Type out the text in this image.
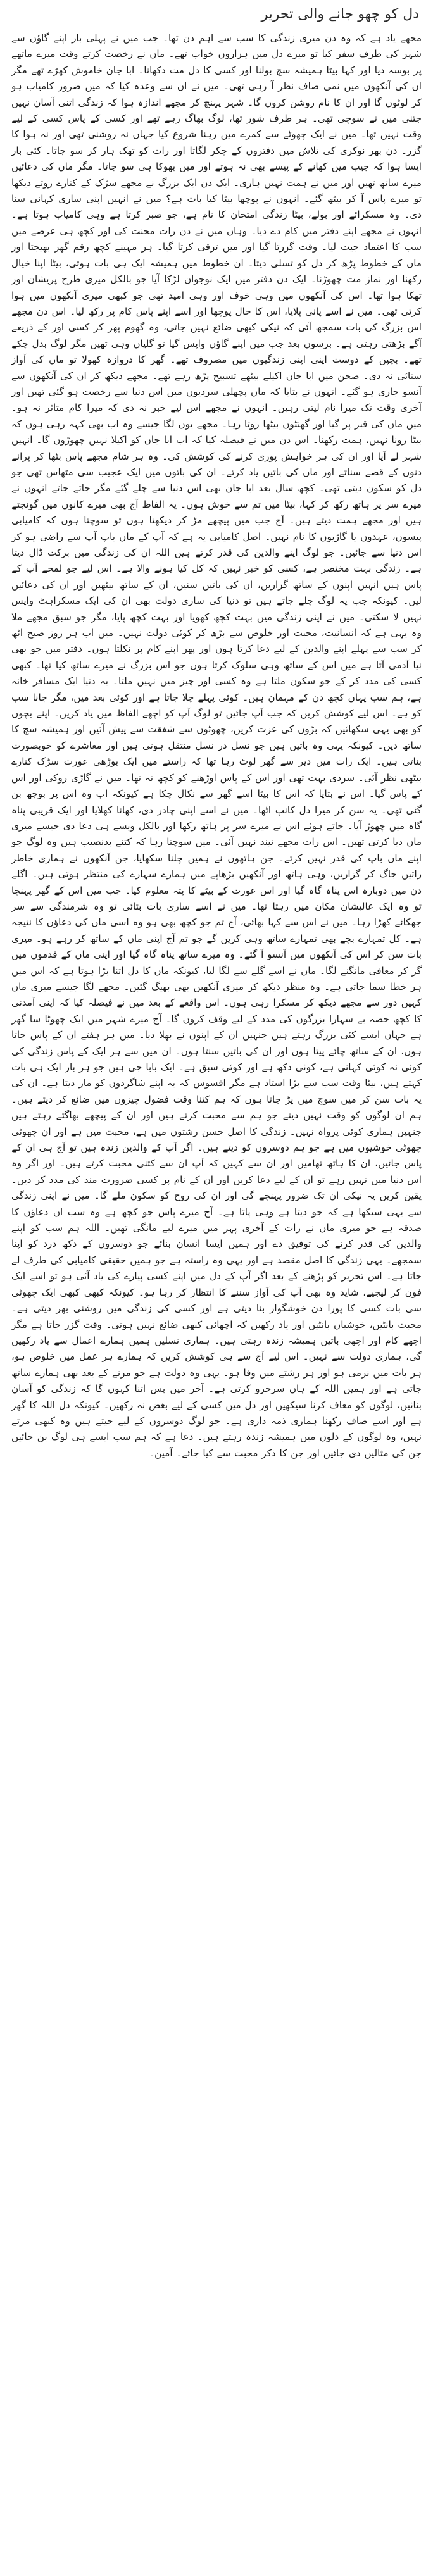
دل کو چھو جانے والی تحریر

مجھے یاد ہے کہ وہ دن میری زندگی کا سب سے اہم دن تھا۔ جب میں نے پہلی بار اپنے گاؤں سے شہر کی طرف سفر کیا تو میرے دل میں ہزاروں خواب تھے۔ ماں نے رخصت کرتے وقت میرے ماتھے پر بوسہ دیا اور کہا بیٹا ہمیشہ سچ بولنا اور کسی کا دل مت دکھانا۔ ابا جان خاموش کھڑے تھے مگر ان کی آنکھوں میں نمی صاف نظر آ رہی تھی۔ میں نے ان سے وعدہ کیا کہ میں ضرور کامیاب ہو کر لوٹوں گا اور ان کا نام روشن کروں گا۔ شہر پہنچ کر مجھے اندازہ ہوا کہ زندگی اتنی آسان نہیں جتنی میں نے سوچی تھی۔ ہر طرف شور تھا، لوگ بھاگ رہے تھے اور کسی کے پاس کسی کے لیے وقت نہیں تھا۔ میں نے ایک چھوٹے سے کمرے میں رہنا شروع کیا جہاں نہ روشنی تھی اور نہ ہوا کا گزر۔ دن بھر نوکری کی تلاش میں دفتروں کے چکر لگاتا اور رات کو تھک ہار کر سو جاتا۔ کئی بار ایسا ہوا کہ جیب میں کھانے کے پیسے بھی نہ ہوتے اور میں بھوکا ہی سو جاتا۔ مگر ماں کی دعائیں میرے ساتھ تھیں اور میں نے ہمت نہیں ہاری۔ ایک دن ایک بزرگ نے مجھے سڑک کے کنارے روتے دیکھا تو میرے پاس آ کر بیٹھ گئے۔ انہوں نے پوچھا بیٹا کیا بات ہے؟ میں نے انہیں اپنی ساری کہانی سنا دی۔ وہ مسکرائے اور بولے، بیٹا زندگی امتحان کا نام ہے، جو صبر کرتا ہے وہی کامیاب ہوتا ہے۔ انہوں نے مجھے اپنے دفتر میں کام دے دیا۔ وہاں میں نے دن رات محنت کی اور کچھ ہی عرصے میں سب کا اعتماد جیت لیا۔ وقت گزرتا گیا اور میں ترقی کرتا گیا۔ ہر مہینے کچھ رقم گھر بھیجتا اور ماں کے خطوط پڑھ کر دل کو تسلی دیتا۔ ان خطوط میں ہمیشہ ایک ہی بات ہوتی، بیٹا اپنا خیال رکھنا اور نماز مت چھوڑنا۔ ایک دن دفتر میں ایک نوجوان لڑکا آیا جو بالکل میری طرح پریشان اور تھکا ہوا تھا۔ اس کی آنکھوں میں وہی خوف اور وہی امید تھی جو کبھی میری آنکھوں میں ہوا کرتی تھی۔ میں نے اسے پانی پلایا، اس کا حال پوچھا اور اسے اپنے پاس کام پر رکھ لیا۔ اس دن مجھے اس بزرگ کی بات سمجھ آئی کہ نیکی کبھی ضائع نہیں جاتی، وہ گھوم پھر کر کسی اور کے ذریعے آگے بڑھتی رہتی ہے۔ برسوں بعد جب میں اپنے گاؤں واپس گیا تو گلیاں وہی تھیں مگر لوگ بدل چکے تھے۔ بچپن کے دوست اپنی اپنی زندگیوں میں مصروف تھے۔ گھر کا دروازہ کھولا تو ماں کی آواز سنائی نہ دی۔ صحن میں ابا جان اکیلے بیٹھے تسبیح پڑھ رہے تھے۔ مجھے دیکھ کر ان کی آنکھوں سے آنسو جاری ہو گئے۔ انہوں نے بتایا کہ ماں پچھلی سردیوں میں اس دنیا سے رخصت ہو گئی تھیں اور آخری وقت تک میرا نام لیتی رہیں۔ انہوں نے مجھے اس لیے خبر نہ دی کہ میرا کام متاثر نہ ہو۔ میں ماں کی قبر پر گیا اور گھنٹوں بیٹھا روتا رہا۔ مجھے یوں لگا جیسے وہ اب بھی کہہ رہی ہوں کہ بیٹا رونا نہیں، ہمت رکھنا۔ اس دن میں نے فیصلہ کیا کہ اب ابا جان کو اکیلا نہیں چھوڑوں گا۔ انہیں شہر لے آیا اور ان کی ہر خواہش پوری کرنے کی کوشش کی۔ وہ ہر شام مجھے پاس بٹھا کر پرانے دنوں کے قصے سناتے اور ماں کی باتیں یاد کرتے۔ ان کی باتوں میں ایک عجیب سی مٹھاس تھی جو دل کو سکون دیتی تھی۔ کچھ سال بعد ابا جان بھی اس دنیا سے چلے گئے مگر جاتے جاتے انہوں نے میرے سر پر ہاتھ رکھ کر کہا، بیٹا میں تم سے خوش ہوں۔ یہ الفاظ آج بھی میرے کانوں میں گونجتے ہیں اور مجھے ہمت دیتے ہیں۔ آج جب میں پیچھے مڑ کر دیکھتا ہوں تو سوچتا ہوں کہ کامیابی پیسوں، عہدوں یا گاڑیوں کا نام نہیں۔ اصل کامیابی یہ ہے کہ آپ کے ماں باپ آپ سے راضی ہو کر اس دنیا سے جائیں۔ جو لوگ اپنے والدین کی قدر کرتے ہیں اللہ ان کی زندگی میں برکت ڈال دیتا ہے۔ زندگی بہت مختصر ہے، کسی کو خبر نہیں کہ کل کیا ہونے والا ہے۔ اس لیے جو لمحے آپ کے پاس ہیں انہیں اپنوں کے ساتھ گزاریں، ان کی باتیں سنیں، ان کے ساتھ بیٹھیں اور ان کی دعائیں لیں۔ کیونکہ جب یہ لوگ چلے جاتے ہیں تو دنیا کی ساری دولت بھی ان کی ایک مسکراہٹ واپس نہیں لا سکتی۔ میں نے اپنی زندگی میں بہت کچھ کھویا اور بہت کچھ پایا، مگر جو سبق مجھے ملا وہ یہی ہے کہ انسانیت، محبت اور خلوص سے بڑھ کر کوئی دولت نہیں۔ میں اب ہر روز صبح اٹھ کر سب سے پہلے اپنے والدین کے لیے دعا کرتا ہوں اور پھر اپنے کام پر نکلتا ہوں۔ دفتر میں جو بھی نیا آدمی آتا ہے میں اس کے ساتھ وہی سلوک کرتا ہوں جو اس بزرگ نے میرے ساتھ کیا تھا۔ کبھی کسی کی مدد کر کے جو سکون ملتا ہے وہ کسی اور چیز میں نہیں ملتا۔ یہ دنیا ایک مسافر خانہ ہے، ہم سب یہاں کچھ دن کے مہمان ہیں۔ کوئی پہلے چلا جاتا ہے اور کوئی بعد میں، مگر جانا سب کو ہے۔ اس لیے کوشش کریں کہ جب آپ جائیں تو لوگ آپ کو اچھے الفاظ میں یاد کریں۔ اپنے بچوں کو بھی یہی سکھائیں کہ بڑوں کی عزت کریں، چھوٹوں سے شفقت سے پیش آئیں اور ہمیشہ سچ کا ساتھ دیں۔ کیونکہ یہی وہ باتیں ہیں جو نسل در نسل منتقل ہوتی ہیں اور معاشرے کو خوبصورت بناتی ہیں۔ ایک رات میں دیر سے گھر لوٹ رہا تھا کہ راستے میں ایک بوڑھی عورت سڑک کنارے بیٹھی نظر آئی۔ سردی بہت تھی اور اس کے پاس اوڑھنے کو کچھ نہ تھا۔ میں نے گاڑی روکی اور اس کے پاس گیا۔ اس نے بتایا کہ اس کا بیٹا اسے گھر سے نکال چکا ہے کیونکہ اب وہ اس پر بوجھ بن گئی تھی۔ یہ سن کر میرا دل کانپ اٹھا۔ میں نے اسے اپنی چادر دی، کھانا کھلایا اور ایک قریبی پناہ گاہ میں چھوڑ آیا۔ جاتے ہوئے اس نے میرے سر پر ہاتھ رکھا اور بالکل ویسے ہی دعا دی جیسے میری ماں دیا کرتی تھیں۔ اس رات مجھے نیند نہیں آئی۔ میں سوچتا رہا کہ کتنے بدنصیب ہیں وہ لوگ جو اپنے ماں باپ کی قدر نہیں کرتے۔ جن ہاتھوں نے ہمیں چلنا سکھایا، جن آنکھوں نے ہماری خاطر راتیں جاگ کر گزاریں، وہی ہاتھ اور آنکھیں بڑھاپے میں ہمارے سہارے کی منتظر ہوتی ہیں۔ اگلے دن میں دوبارہ اس پناہ گاہ گیا اور اس عورت کے بیٹے کا پتہ معلوم کیا۔ جب میں اس کے گھر پہنچا تو وہ ایک عالیشان مکان میں رہتا تھا۔ میں نے اسے ساری بات بتائی تو وہ شرمندگی سے سر جھکائے کھڑا رہا۔ میں نے اس سے کہا بھائی، آج تم جو کچھ بھی ہو وہ اسی ماں کی دعاؤں کا نتیجہ ہے۔ کل تمہارے بچے بھی تمہارے ساتھ وہی کریں گے جو تم آج اپنی ماں کے ساتھ کر رہے ہو۔ میری بات سن کر اس کی آنکھوں میں آنسو آ گئے۔ وہ میرے ساتھ پناہ گاہ گیا اور اپنی ماں کے قدموں میں گر کر معافی مانگنے لگا۔ ماں نے اسے گلے سے لگا لیا، کیونکہ ماں کا دل اتنا بڑا ہوتا ہے کہ اس میں ہر خطا سما جاتی ہے۔ وہ منظر دیکھ کر میری آنکھیں بھی بھیگ گئیں۔ مجھے لگا جیسے میری ماں کہیں دور سے مجھے دیکھ کر مسکرا رہی ہوں۔ اس واقعے کے بعد میں نے فیصلہ کیا کہ اپنی آمدنی کا کچھ حصہ بے سہارا بزرگوں کی مدد کے لیے وقف کروں گا۔ آج میرے شہر میں ایک چھوٹا سا گھر ہے جہاں ایسے کئی بزرگ رہتے ہیں جنہیں ان کے اپنوں نے بھلا دیا۔ میں ہر ہفتے ان کے پاس جاتا ہوں، ان کے ساتھ چائے پیتا ہوں اور ان کی باتیں سنتا ہوں۔ ان میں سے ہر ایک کے پاس زندگی کی کوئی نہ کوئی کہانی ہے، کوئی دکھ ہے اور کوئی سبق ہے۔ ایک بابا جی ہیں جو ہر بار ایک ہی بات کہتے ہیں، بیٹا وقت سب سے بڑا استاد ہے مگر افسوس کہ یہ اپنے شاگردوں کو مار دیتا ہے۔ ان کی یہ بات سن کر میں سوچ میں پڑ جاتا ہوں کہ ہم کتنا وقت فضول چیزوں میں ضائع کر دیتے ہیں۔ ہم ان لوگوں کو وقت نہیں دیتے جو ہم سے محبت کرتے ہیں اور ان کے پیچھے بھاگتے رہتے ہیں جنہیں ہماری کوئی پرواہ نہیں۔ زندگی کا اصل حسن رشتوں میں ہے، محبت میں ہے اور ان چھوٹی چھوٹی خوشیوں میں ہے جو ہم دوسروں کو دیتے ہیں۔ اگر آپ کے والدین زندہ ہیں تو آج ہی ان کے پاس جائیں، ان کا ہاتھ تھامیں اور ان سے کہیں کہ آپ ان سے کتنی محبت کرتے ہیں۔ اور اگر وہ اس دنیا میں نہیں رہے تو ان کے لیے دعا کریں اور ان کے نام پر کسی ضرورت مند کی مدد کر دیں۔ یقین کریں یہ نیکی ان تک ضرور پہنچے گی اور ان کی روح کو سکون ملے گا۔ میں نے اپنی زندگی سے یہی سیکھا ہے کہ جو دیتا ہے وہی پاتا ہے۔ آج میرے پاس جو کچھ ہے وہ سب ان دعاؤں کا صدقہ ہے جو میری ماں نے رات کے آخری پہر میں میرے لیے مانگی تھیں۔ اللہ ہم سب کو اپنے والدین کی قدر کرنے کی توفیق دے اور ہمیں ایسا انسان بنائے جو دوسروں کے دکھ درد کو اپنا سمجھے۔ یہی زندگی کا اصل مقصد ہے اور یہی وہ راستہ ہے جو ہمیں حقیقی کامیابی کی طرف لے جاتا ہے۔ اس تحریر کو پڑھنے کے بعد اگر آپ کے دل میں اپنے کسی پیارے کی یاد آئی ہو تو اسے ایک فون کر لیجیے، شاید وہ بھی آپ کی آواز سننے کا انتظار کر رہا ہو۔ کیونکہ کبھی کبھی ایک چھوٹی سی بات کسی کا پورا دن خوشگوار بنا دیتی ہے اور کسی کی زندگی میں روشنی بھر دیتی ہے۔ محبت بانٹیں، خوشیاں بانٹیں اور یاد رکھیں کہ اچھائی کبھی ضائع نہیں ہوتی۔ وقت گزر جاتا ہے مگر اچھے کام اور اچھی باتیں ہمیشہ زندہ رہتی ہیں۔ ہماری نسلیں ہمیں ہمارے اعمال سے یاد رکھیں گی، ہماری دولت سے نہیں۔ اس لیے آج سے ہی کوشش کریں کہ ہمارے ہر عمل میں خلوص ہو، ہر بات میں نرمی ہو اور ہر رشتے میں وفا ہو۔ یہی وہ دولت ہے جو مرنے کے بعد بھی ہمارے ساتھ جاتی ہے اور ہمیں اللہ کے ہاں سرخرو کرتی ہے۔ آخر میں بس اتنا کہوں گا کہ زندگی کو آسان بنائیں، لوگوں کو معاف کرنا سیکھیں اور دل میں کسی کے لیے بغض نہ رکھیں۔ کیونکہ دل اللہ کا گھر ہے اور اسے صاف رکھنا ہماری ذمہ داری ہے۔ جو لوگ دوسروں کے لیے جیتے ہیں وہ کبھی مرتے نہیں، وہ لوگوں کے دلوں میں ہمیشہ زندہ رہتے ہیں۔ دعا ہے کہ ہم سب ایسے ہی لوگ بن جائیں جن کی مثالیں دی جائیں اور جن کا ذکر محبت سے کیا جائے۔ آمین۔
